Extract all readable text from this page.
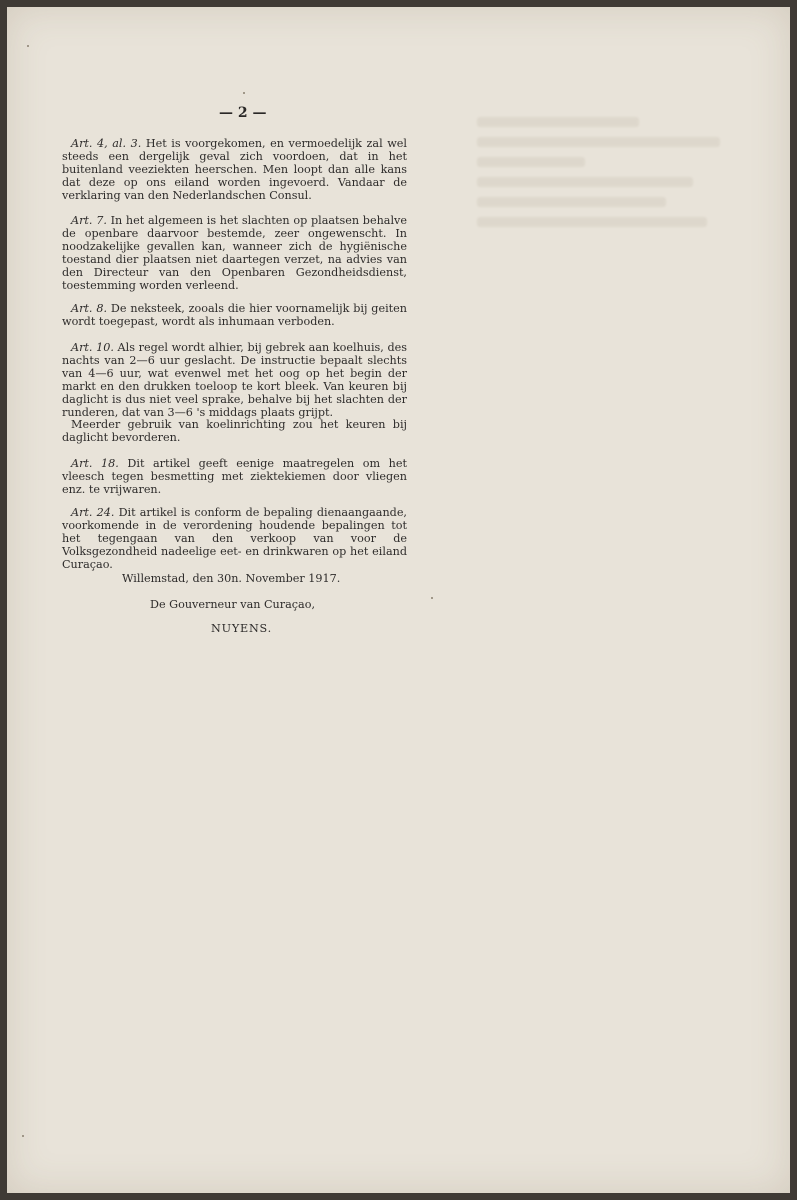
— 2 —

Art. 4, al. 3. Het is voorgekomen, en vermoedelijk zal wel steeds een dergelijk geval zich voordoen, dat in het buitenland veeziekten heerschen. Men loopt dan alle kans dat deze op ons eiland worden ingevoerd. Vandaar de verklaring van den Nederlandschen Consul.

Art. 7. In het algemeen is het slachten op plaatsen behalve de openbare daarvoor bestemde, zeer ongewenscht. In noodzakelijke gevallen kan, wanneer zich de hygiënische toestand dier plaatsen niet daartegen verzet, na advies van den Directeur van den Openbaren Gezondheidsdienst, toestemming worden verleend.

Art. 8. De neksteek, zooals die hier voornamelijk bij geiten wordt toegepast, wordt als inhumaan verboden.

Art. 10. Als regel wordt alhier, bij gebrek aan koelhuis, des nachts van 2—6 uur geslacht. De instructie bepaalt slechts van 4—6 uur, wat evenwel met het oog op het begin der markt en den drukken toeloop te kort bleek. Van keuren bij daglicht is dus niet veel sprake, behalve bij het slachten der runderen, dat van 3—6 's middags plaats grijpt.

Meerder gebruik van koelinrichting zou het keuren bij daglicht bevorderen.

Art. 18. Dit artikel geeft eenige maatregelen om het vleesch tegen besmetting met ziektekiemen door vliegen enz. te vrijwaren.

Art. 24. Dit artikel is conform de bepaling dienaangaande, voorkomende in de verordening houdende bepalingen tot het tegengaan van den verkoop van voor de Volksgezondheid nadeelige eet- en drinkwaren op het eiland Curaçao.

Willemstad, den 30n. November 1917.
De Gouverneur van Curaçao,
NUYENS.
